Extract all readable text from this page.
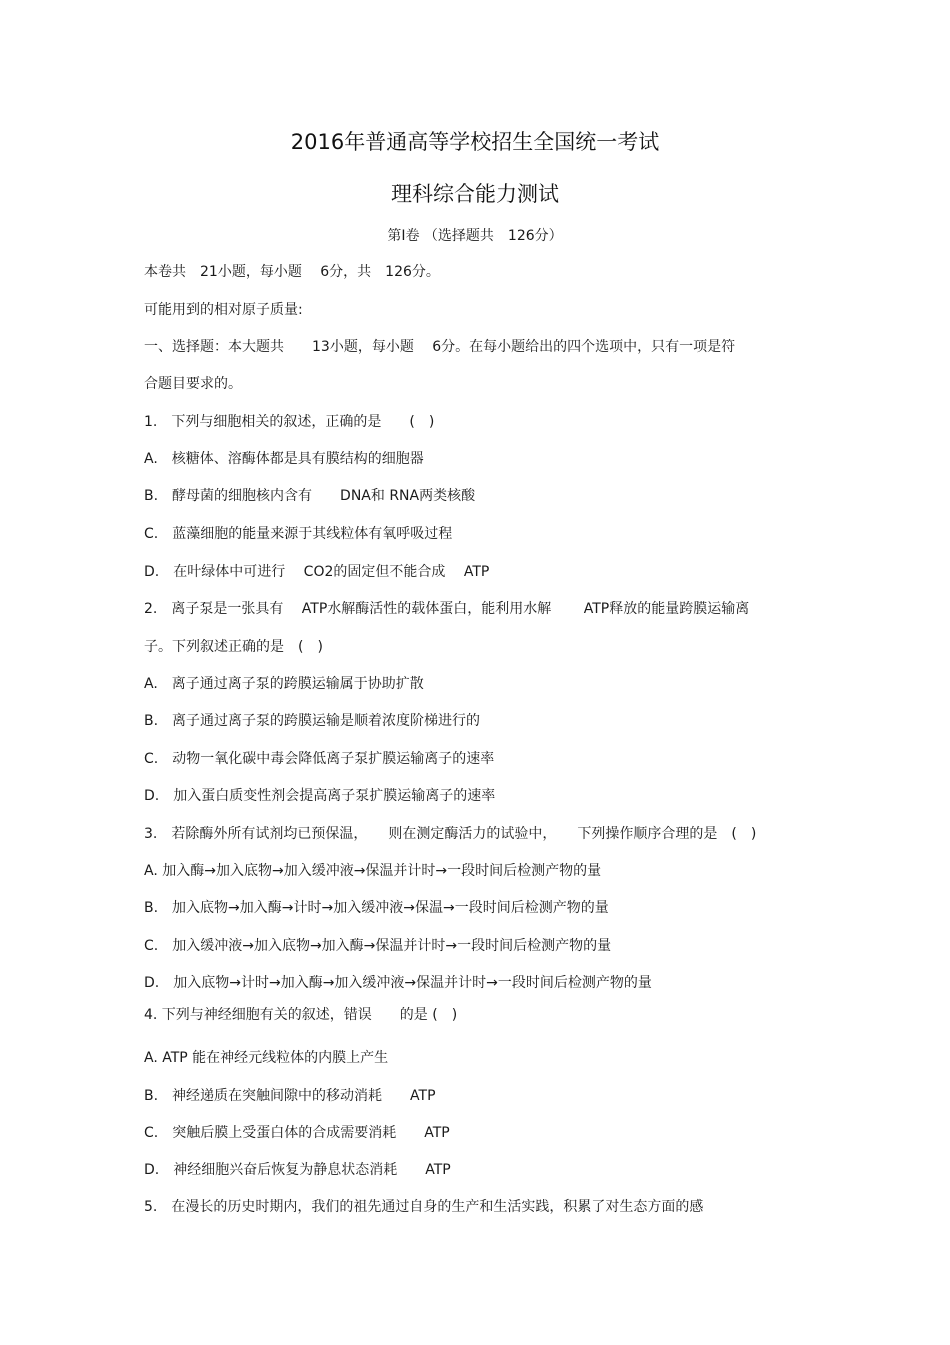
2016年普通高等学校招生全国统一考试
理科综合能力测试
第Ⅰ卷 （选择题共　126分）
本卷共　21小题，每小题　 6分，共　126分。
可能用到的相对原子质量:
一、选择题：本大题共　　13小题，每小题　 6分。在每小题给出的四个选项中，只有一项是符
合题目要求的。
1.　下列与细胞相关的叙述，正确的是　　(　)
A.　核糖体、溶酶体都是具有膜结构的细胞器
B.　酵母菌的细胞核内含有　　DNA和 RNA两类核酸
C.　蓝藻细胞的能量来源于其线粒体有氧呼吸过程
D.　在叶绿体中可进行　 CO2的固定但不能合成　 ATP
2.　离子泵是一张具有　 ATP水解酶活性的载体蛋白，能利用水解　　 ATP释放的能量跨膜运输离
子。下列叙述正确的是　(　)
A.　离子通过离子泵的跨膜运输属于协助扩散
B.　离子通过离子泵的跨膜运输是顺着浓度阶梯进行的
C.　动物一氧化碳中毒会降低离子泵扩膜运输离子的速率
D.　加入蛋白质变性剂会提高离子泵扩膜运输离子的速率
3.　若除酶外所有试剂均已预保温，　　则在测定酶活力的试验中，　　下列操作顺序合理的是　(　)
A. 加入酶→加入底物→加入缓冲液→保温并计时→一段时间后检测产物的量
B.　加入底物→加入酶→计时→加入缓冲液→保温→一段时间后检测产物的量
C.　加入缓冲液→加入底物→加入酶→保温并计时→一段时间后检测产物的量
D.　加入底物→计时→加入酶→加入缓冲液→保温并计时→一段时间后检测产物的量
4. 下列与神经细胞有关的叙述，错误　　的是 (　)
A. ATP 能在神经元线粒体的内膜上产生
B.　神经递质在突触间隙中的移动消耗　　ATP
C.　突触后膜上受蛋白体的合成需要消耗　　ATP
D.　神经细胞兴奋后恢复为静息状态消耗　　ATP
5.　在漫长的历史时期内，我们的祖先通过自身的生产和生活实践，积累了对生态方面的感
